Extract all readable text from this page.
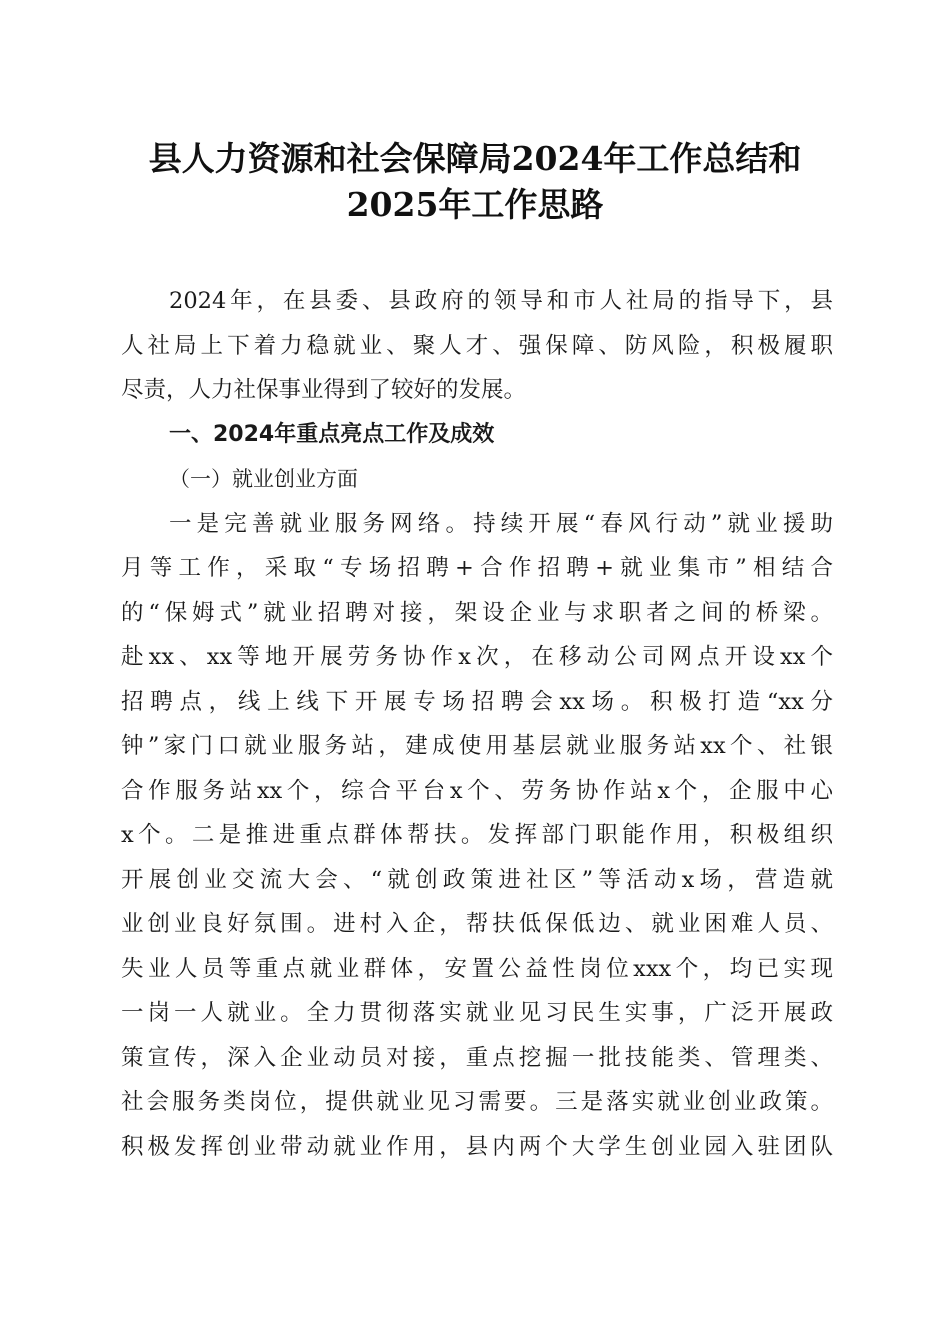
县人力资源和社会保障局2024年工作总结和
2025年工作思路
2024年，在县委、县政府的领导和市人社局的指导下，县
人社局上下着力稳就业、聚人才、强保障、防风险，积极履职
尽责，人力社保事业得到了较好的发展。
一、2024年重点亮点工作及成效
（一）就业创业方面
一是完善就业服务网络。持续开展“春风行动”就业援助
月等工作，采取“专场招聘+合作招聘+就业集市”相结合
的“保姆式”就业招聘对接，架设企业与求职者之间的桥梁。
赴xx、xx等地开展劳务协作x次，在移动公司网点开设xx个
招聘点，线上线下开展专场招聘会xx场。积极打造“xx分
钟”家门口就业服务站，建成使用基层就业服务站xx个、社银
合作服务站xx个，综合平台x个、劳务协作站x个，企服中心
x个。二是推进重点群体帮扶。发挥部门职能作用，积极组织
开展创业交流大会、“就创政策进社区”等活动x场，营造就
业创业良好氛围。进村入企，帮扶低保低边、就业困难人员、
失业人员等重点就业群体，安置公益性岗位xxx个，均已实现
一岗一人就业。全力贯彻落实就业见习民生实事，广泛开展政
策宣传，深入企业动员对接，重点挖掘一批技能类、管理类、
社会服务类岗位，提供就业见习需要。三是落实就业创业政策。
积极发挥创业带动就业作用，县内两个大学生创业园入驻团队
